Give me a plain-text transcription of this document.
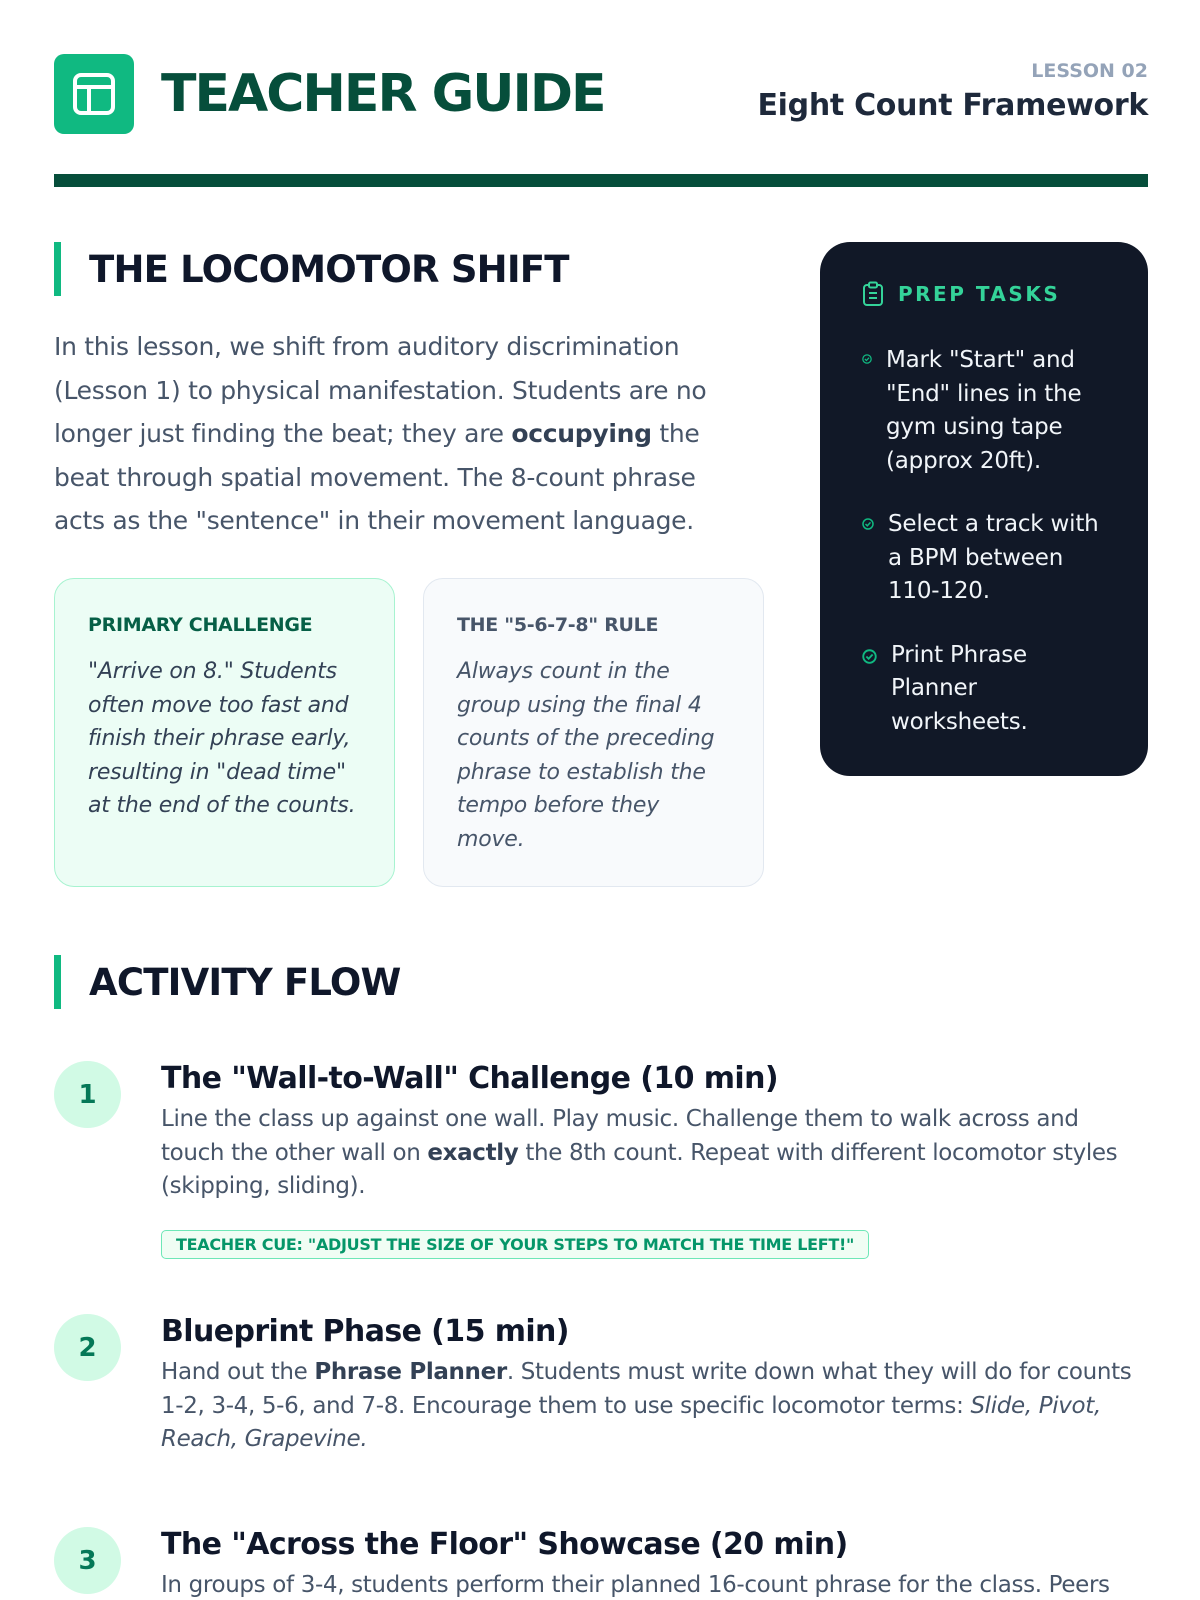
TEACHER GUIDE	LESSON 02
Eight Count Framework
THE LOCOMOTOR SHIFT

In this lesson, we shift from auditory discrimination (Lesson 1) to physical manifestation. Students are no longer just finding the beat; they are occupying the beat through spatial movement. The 8-count phrase acts as the "sentence" in their movement language.

PRIMARY CHALLENGE
"Arrive on 8." Students often move too fast and finish their phrase early, resulting in "dead time" at the end of the counts.
THE "5-6-7-8" RULE
Always count in the group using the final 4 counts of the preceding phrase to establish the tempo before they move.
PREP TASKS
Mark "Start" and "End" lines in the gym using tape (approx 20ft).
Select a track with a BPM between 110-120.
Print Phrase Planner worksheets.
ACTIVITY FLOW
1	The "Wall-to-Wall" Challenge (10 min)

Line the class up against one wall. Play music. Challenge them to walk across and touch the other wall on exactly the 8th count. Repeat with different locomotor styles (skipping, sliding).

TEACHER CUE: "ADJUST THE SIZE OF YOUR STEPS TO MATCH THE TIME LEFT!"
2	Blueprint Phase (15 min)

Hand out the Phrase Planner. Students must write down what they will do for counts 1-2, 3-4, 5-6, and 7-8. Encourage them to use specific locomotor terms: Slide, Pivot, Reach, Grapevine.

3	The "Across the Floor" Showcase (20 min)

In groups of 3-4, students perform their planned 16-count phrase for the class. Peers
